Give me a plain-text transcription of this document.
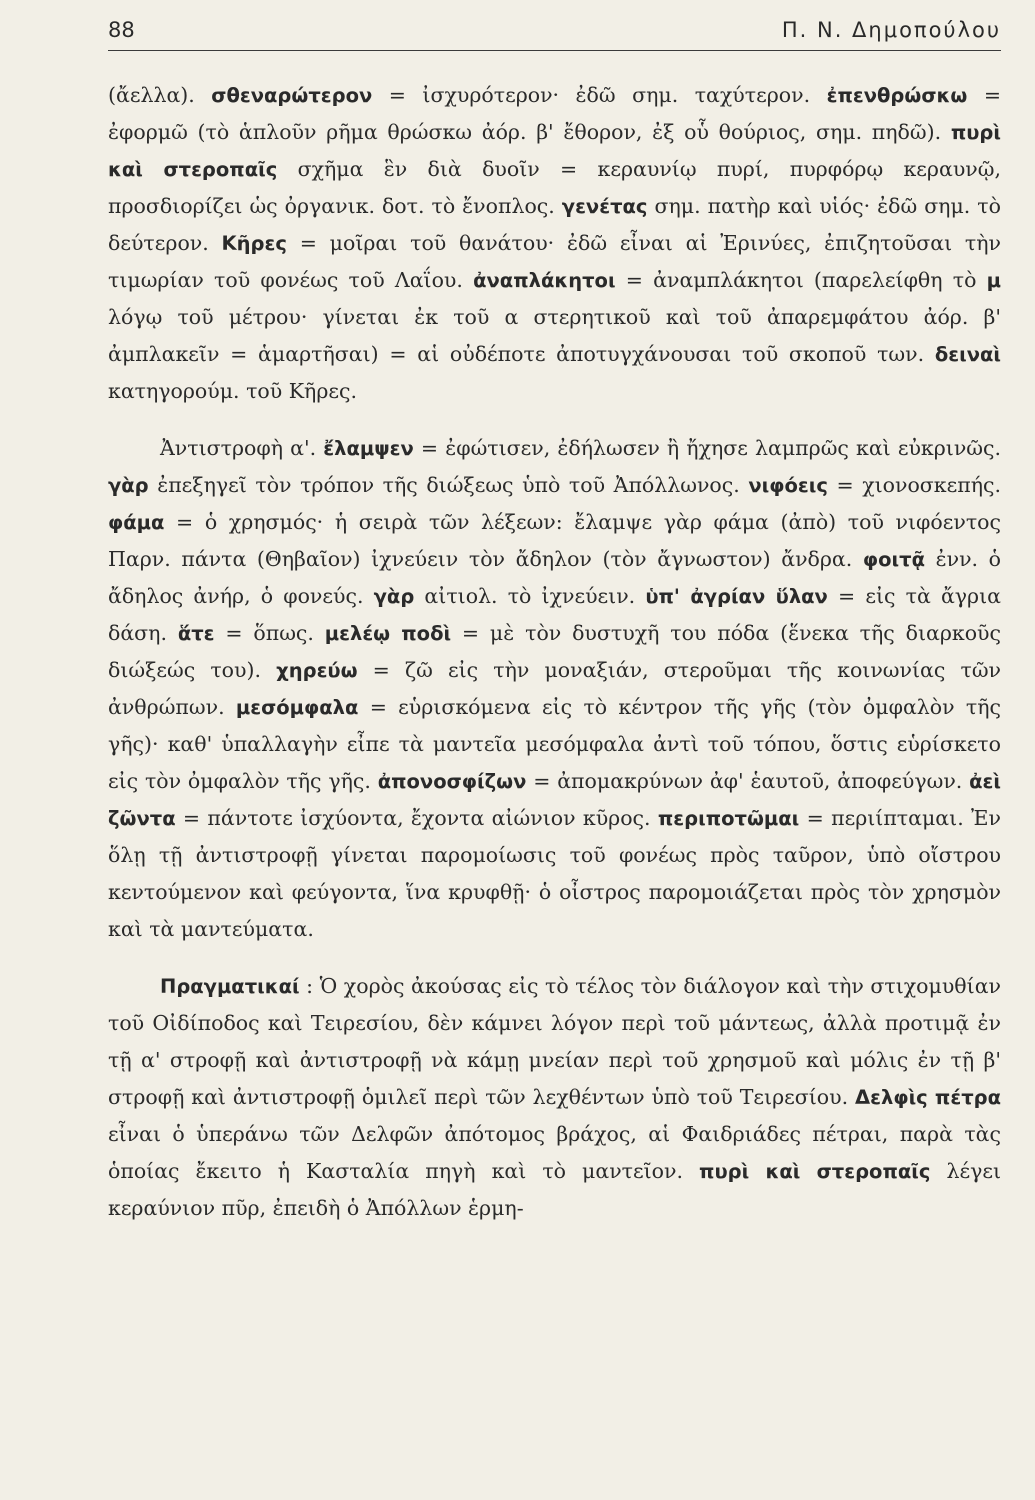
88	Π. Ν. Δημοπούλου

(ἄελλα). σθεναρώτερον = ἰσχυρότερον· ἐδῶ σημ. ταχύτερον. ἐπενθρώσκω = ἐφορμῶ (τὸ ἁπλοῦν ρῆμα θρώσκω ἀόρ. β' ἔθορον, ἐξ οὗ θούριος, σημ. πηδῶ). πυρὶ καὶ στεροπαῖς σχῆμα ἓν διὰ δυοῖν = κεραυνίῳ πυρί, πυρφόρῳ κεραυνῷ, προσδιορίζει ὡς ὀργανικ. δοτ. τὸ ἔνοπλος. γενέτας σημ. πατὴρ καὶ υἱός· ἐδῶ σημ. τὸ δεύτερον. Κῆρες = μοῖραι τοῦ θανάτου· ἐδῶ εἶναι αἱ Ἐρινύες, ἐπιζητοῦσαι τὴν τιμωρίαν τοῦ φονέως τοῦ Λαΐου. ἀναπλάκητοι = ἀναμπλάκητοι (παρελείφθη τὸ μ λόγῳ τοῦ μέτρου· γίνεται ἐκ τοῦ α στερητικοῦ καὶ τοῦ ἀπαρεμφάτου ἀόρ. β' ἀμπλακεῖν = ἁμαρτῆσαι) = αἱ οὐδέποτε ἀποτυγχάνουσαι τοῦ σκοποῦ των. δειναὶ κατηγορούμ. τοῦ Κῆρες.

Ἀντιστροφὴ α'. ἔλαμψεν = ἐφώτισεν, ἐδήλωσεν ἢ ἤχησε λαμπρῶς καὶ εὐκρινῶς. γὰρ ἐπεξηγεῖ τὸν τρόπον τῆς διώξεως ὑπὸ τοῦ Ἀπόλλωνος. νιφόεις = χιονοσκεπής. φάμα = ὁ χρησμός· ἡ σειρὰ τῶν λέξεων: ἔλαμψε γὰρ φάμα (ἀπὸ) τοῦ νιφόεντος Παρν. πάντα (Θηβαῖον) ἰχνεύειν τὸν ἄδηλον (τὸν ἄγνωστον) ἄνδρα. φοιτᾷ ἐνν. ὁ ἄδηλος ἀνήρ, ὁ φονεύς. γὰρ αἰτιολ. τὸ ἰχνεύειν. ὑπ' ἀγρίαν ὕλαν = εἰς τὰ ἄγρια δάση. ἅτε = ὅπως. μελέῳ ποδὶ = μὲ τὸν δυστυχῆ του πόδα (ἕνεκα τῆς διαρκοῦς διώξεώς του). χηρεύω = ζῶ εἰς τὴν μοναξιάν, στεροῦμαι τῆς κοινωνίας τῶν ἀνθρώπων. μεσόμφαλα = εὑρισκόμενα εἰς τὸ κέντρον τῆς γῆς (τὸν ὀμφαλὸν τῆς γῆς)· καθ' ὑπαλλαγὴν εἶπε τὰ μαντεῖα μεσόμφαλα ἀντὶ τοῦ τόπου, ὅστις εὑρίσκετο εἰς τὸν ὀμφαλὸν τῆς γῆς. ἀπονοσφίζων = ἀπομακρύνων ἀφ' ἑαυτοῦ, ἀποφεύγων. ἀεὶ ζῶντα = πάντοτε ἰσχύοντα, ἔχοντα αἰώνιον κῦρος. περιποτῶμαι = περιίπταμαι. Ἐν ὅλῃ τῇ ἀντιστροφῇ γίνεται παρομοίωσις τοῦ φονέως πρὸς ταῦρον, ὑπὸ οἴστρου κεντούμενον καὶ φεύγοντα, ἵνα κρυφθῇ· ὁ οἶστρος παρομοιάζεται πρὸς τὸν χρησμὸν καὶ τὰ μαντεύματα.

Πραγματικαί : Ὁ χορὸς ἀκούσας εἰς τὸ τέλος τὸν διάλογον καὶ τὴν στιχομυθίαν τοῦ Οἰδίποδος καὶ Τειρεσίου, δὲν κάμνει λόγον περὶ τοῦ μάντεως, ἀλλὰ προτιμᾷ ἐν τῇ α' στροφῇ καὶ ἀντιστροφῇ νὰ κάμῃ μνείαν περὶ τοῦ χρησμοῦ καὶ μόλις ἐν τῇ β' στροφῇ καὶ ἀντιστροφῇ ὁμιλεῖ περὶ τῶν λεχθέντων ὑπὸ τοῦ Τειρεσίου. Δελφὶς πέτρα εἶναι ὁ ὑπεράνω τῶν Δελφῶν ἀπότομος βράχος, αἱ Φαιδριάδες πέτραι, παρὰ τὰς ὁποίας ἔκειτο ἡ Κασταλία πηγὴ καὶ τὸ μαντεῖον. πυρὶ καὶ στεροπαῖς λέγει κεραύνιον πῦρ, ἐπειδὴ ὁ Ἀπόλλων ἑρμη-
